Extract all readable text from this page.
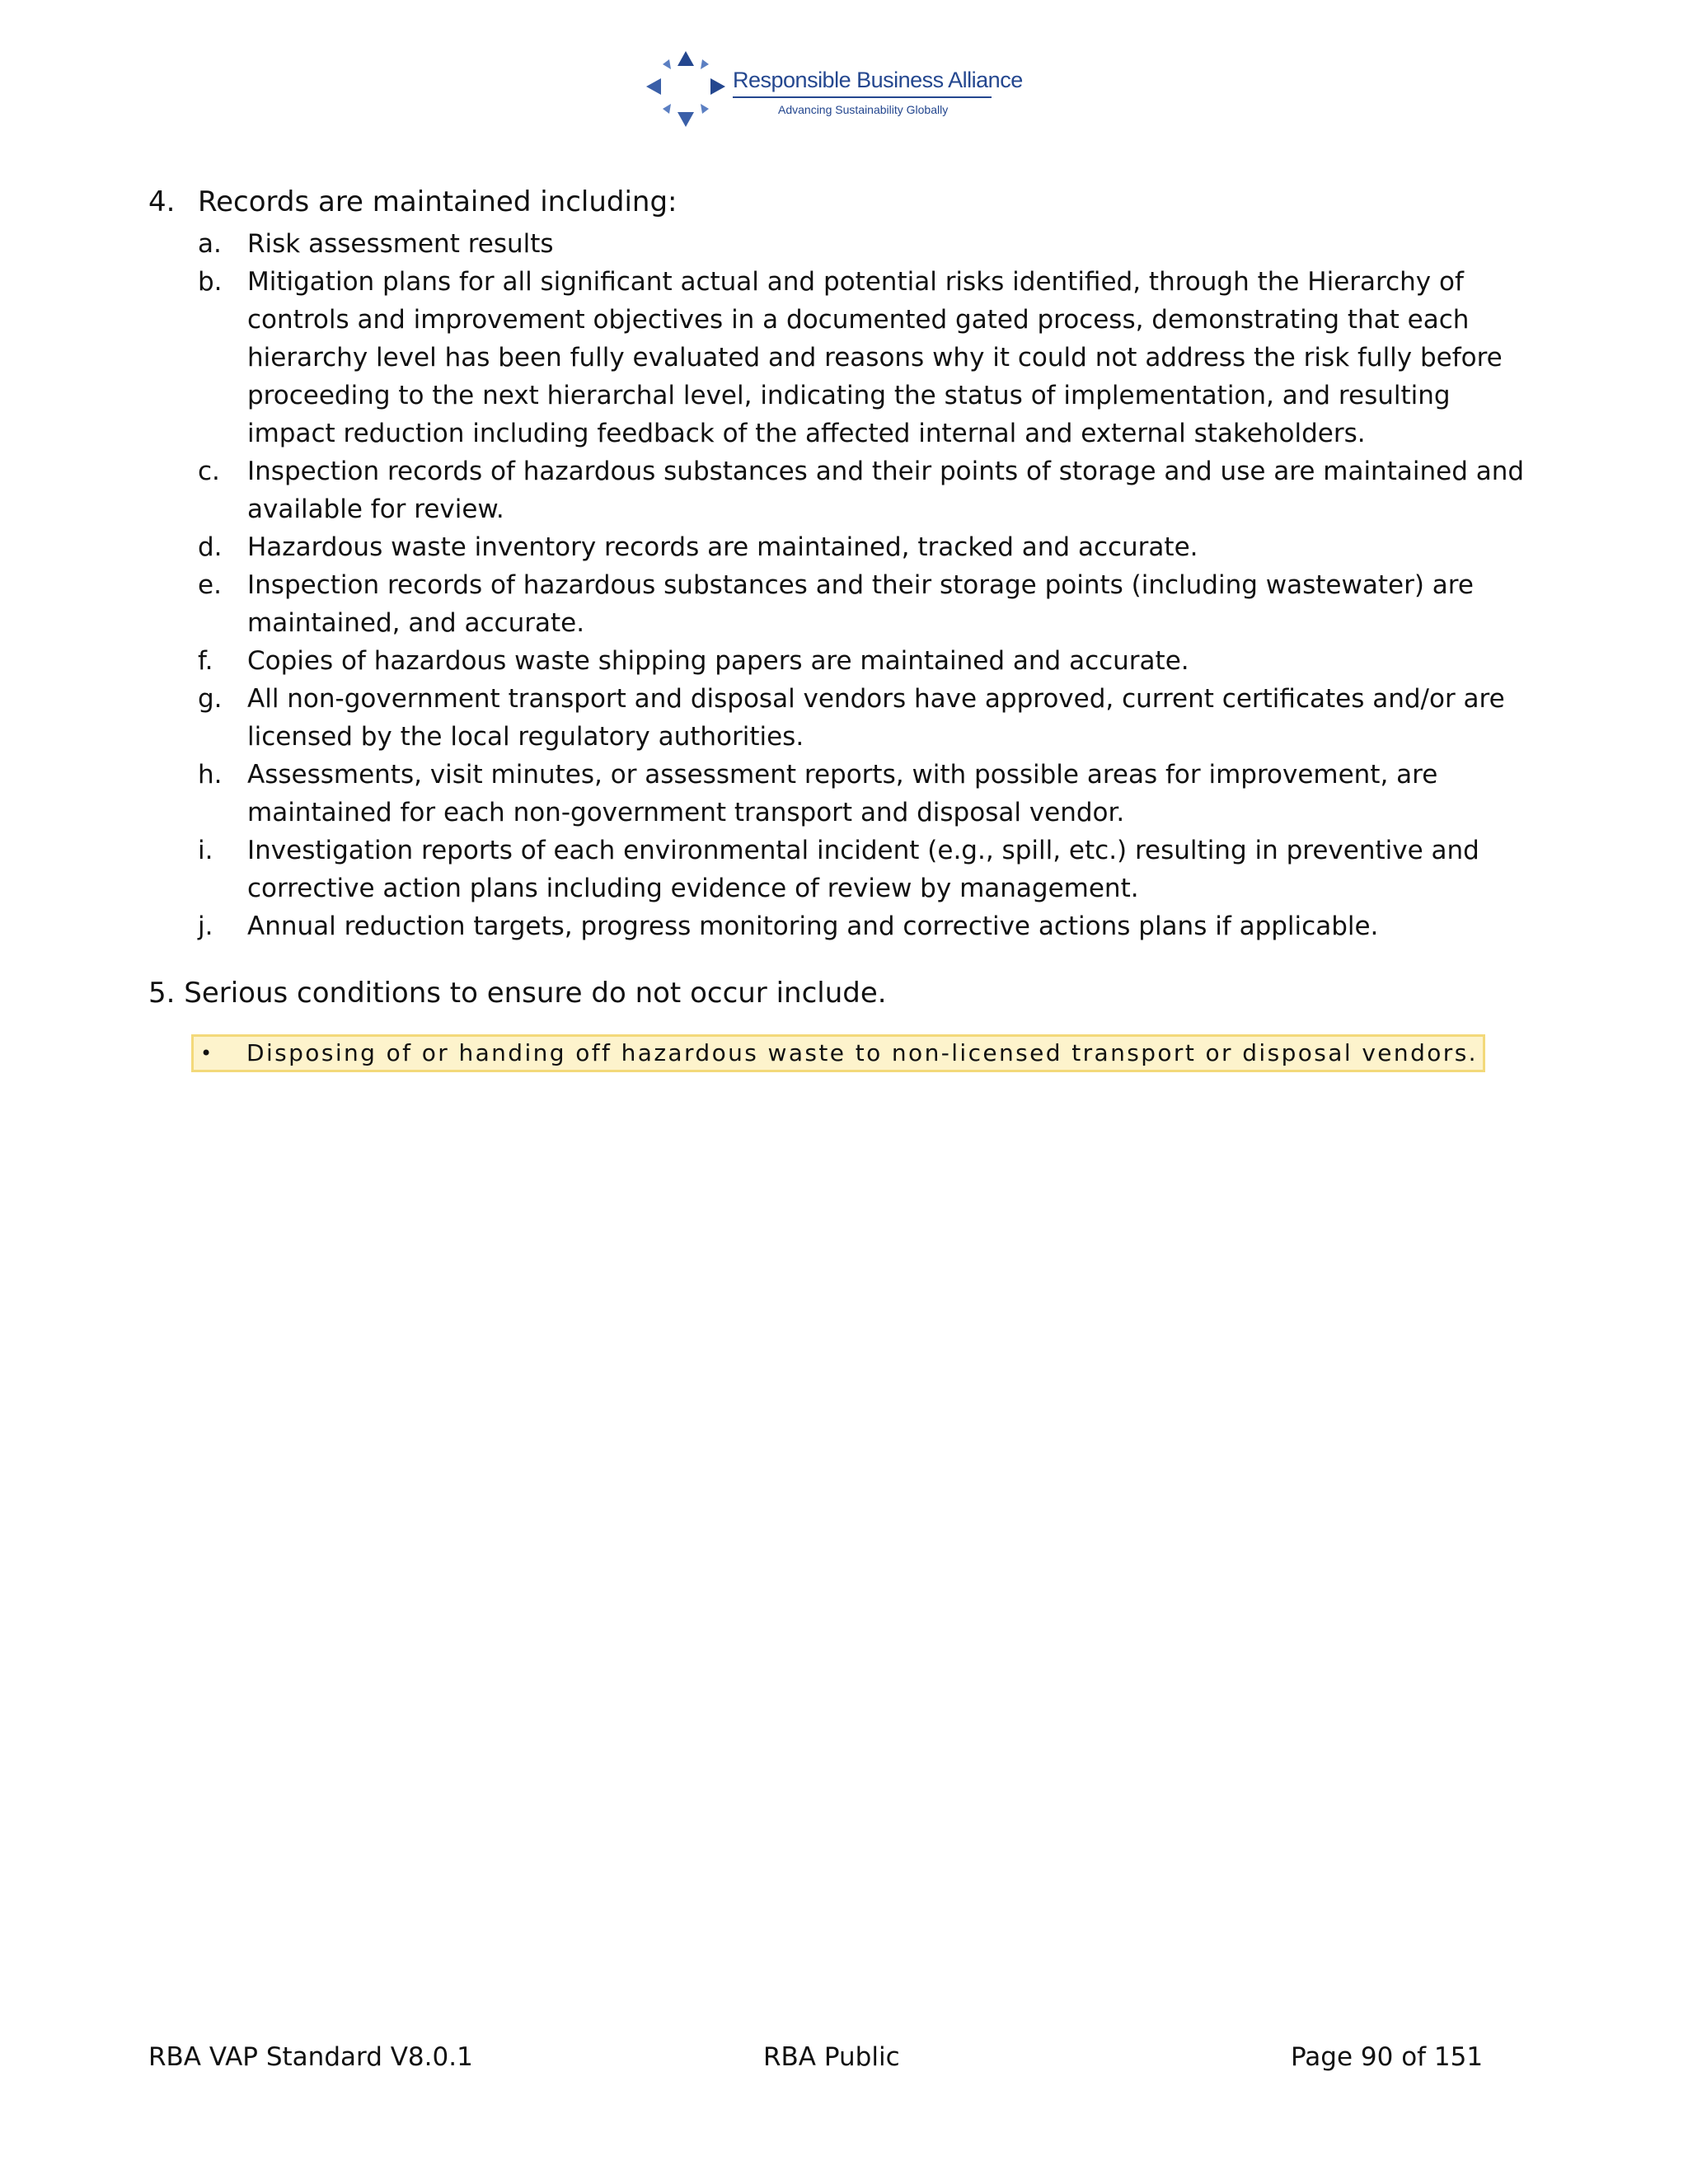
Responsible Business Alliance
Advancing Sustainability Globally
4. Records are maintained including:
a. Risk assessment results
b. Mitigation plans for all significant actual and potential risks identified, through the Hierarchy of controls and improvement objectives in a documented gated process, demonstrating that each hierarchy level has been fully evaluated and reasons why it could not address the risk fully before proceeding to the next hierarchal level, indicating the status of implementation, and resulting impact reduction including feedback of the affected internal and external stakeholders.
c. Inspection records of hazardous substances and their points of storage and use are maintained and available for review.
d. Hazardous waste inventory records are maintained, tracked and accurate.
e. Inspection records of hazardous substances and their storage points (including wastewater) are maintained, and accurate.
f. Copies of hazardous waste shipping papers are maintained and accurate.
g. All non-government transport and disposal vendors have approved, current certificates and/or are licensed by the local regulatory authorities.
h. Assessments, visit minutes, or assessment reports, with possible areas for improvement, are maintained for each non-government transport and disposal vendor.
i. Investigation reports of each environmental incident (e.g., spill, etc.) resulting in preventive and corrective action plans including evidence of review by management.
j. Annual reduction targets, progress monitoring and corrective actions plans if applicable.
5. Serious conditions to ensure do not occur include.
• Disposing of or handing off hazardous waste to non-licensed transport or disposal vendors.
RBA VAP Standard V8.0.1	RBA Public	Page 90 of 151
